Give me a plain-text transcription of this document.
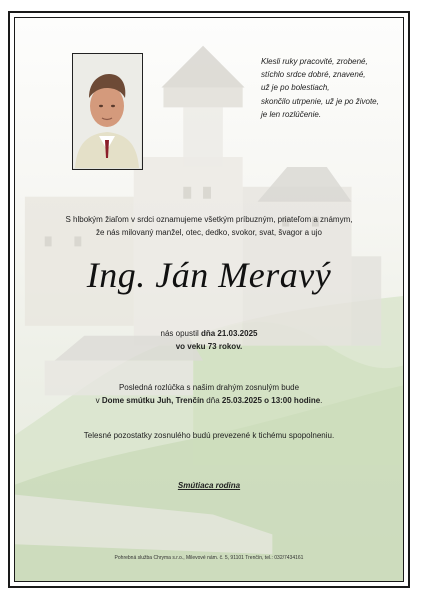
Klesli ruky pracovité, zrobené,
stíchlo srdce dobré, znavené,
už je po bolestiach,
skončilo utrpenie, už je po živote,
je len rozlúčenie.
S hlbokým žiaľom v srdci oznamujeme všetkým príbuzným, priateľom a známym,
že nás milovaný manžel, otec, dedko, svokor, svat, švagor a ujo
Ing. Ján Meravý
nás opustil dňa 21.03.2025
vo veku 73 rokov.
Posledná rozlúčka s našim drahým zosnulým bude
v Dome smútku Juh, Trenčín dňa 25.03.2025 o 13:00 hodine.
Telesné pozostatky zosnulého budú prevezené k tichému spopolneniu.
Smútiaca rodina
Pohrebná služba Chryma s.r.o., Milevové nám. č. 5, 91101 Trenčín, tel.: 032/7434161
